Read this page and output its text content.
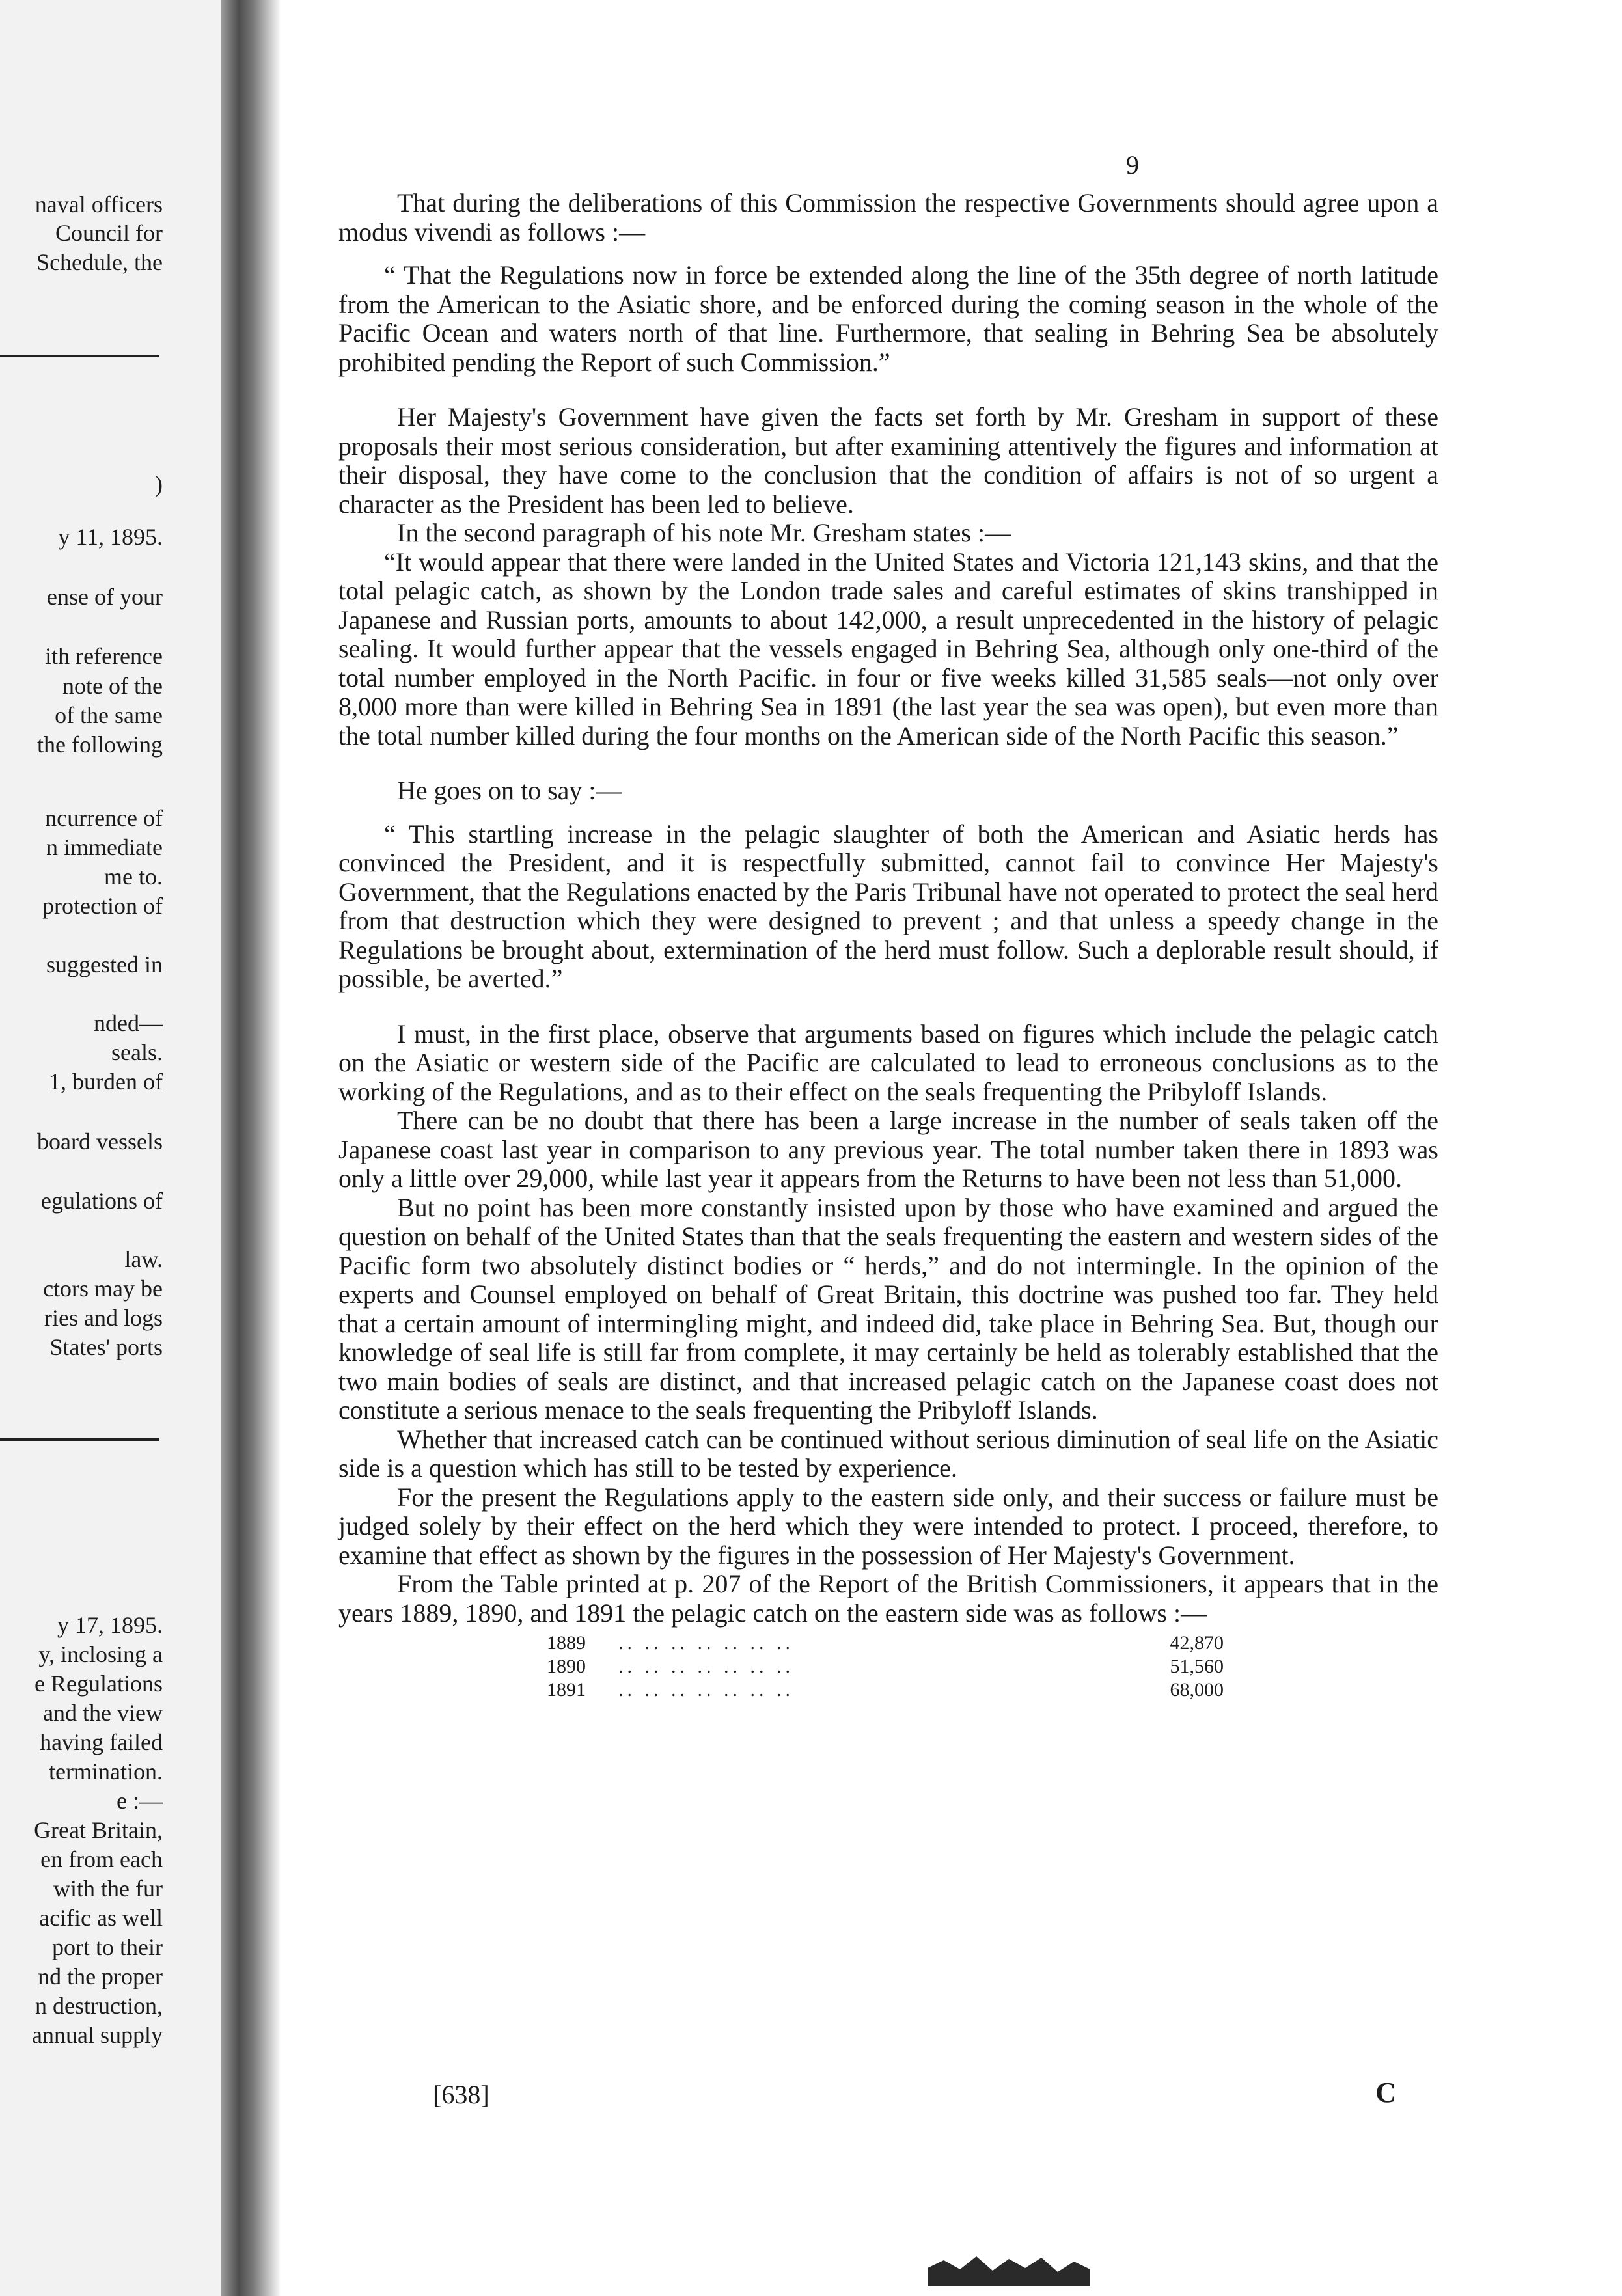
naval officers
Council for
Schedule, the
)
y 11, 1895.
ense of your
ith reference
note of the
of the same
the following
ncurrence of
n immediate
me to.
protection of
suggested in
nded—
seals.
1, burden of
board vessels
egulations of
law.
ctors may be
ries and logs
States' ports
y 17, 1895.
y, inclosing a
e Regulations
and the view
having failed
termination.
e :—
Great Britain,
en from each
with the fur
acific as well
port to their
nd the proper
n destruction,
annual supply
9

That during the deliberations of this Commission the respective Governments should agree upon a modus vivendi as follows :—

“ That the Regulations now in force be extended along the line of the 35th degree of north latitude from the American to the Asiatic shore, and be enforced during the coming season in the whole of the Pacific Ocean and waters north of that line. Furthermore, that sealing in Behring Sea be absolutely prohibited pending the Report of such Commission.”

Her Majesty's Government have given the facts set forth by Mr. Gresham in support of these proposals their most serious consideration, but after examining attentively the figures and information at their disposal, they have come to the conclusion that the condition of affairs is not of so urgent a character as the President has been led to believe.

In the second paragraph of his note Mr. Gresham states :—

“It would appear that there were landed in the United States and Victoria 121,143 skins, and that the total pelagic catch, as shown by the London trade sales and careful estimates of skins transhipped in Japanese and Russian ports, amounts to about 142,000, a result unprecedented in the history of pelagic sealing. It would further appear that the vessels engaged in Behring Sea, although only one-third of the total number employed in the North Pacific. in four or five weeks killed 31,585 seals—not only over 8,000 more than were killed in Behring Sea in 1891 (the last year the sea was open), but even more than the total number killed during the four months on the American side of the North Pacific this season.”

He goes on to say :—

“ This startling increase in the pelagic slaughter of both the American and Asiatic herds has convinced the President, and it is respectfully submitted, cannot fail to convince Her Majesty's Government, that the Regulations enacted by the Paris Tribunal have not operated to protect the seal herd from that destruction which they were designed to prevent ; and that unless a speedy change in the Regulations be brought about, extermination of the herd must follow. Such a deplorable result should, if possible, be averted.”

I must, in the first place, observe that arguments based on figures which include the pelagic catch on the Asiatic or western side of the Pacific are calculated to lead to erroneous conclusions as to the working of the Regulations, and as to their effect on the seals frequenting the Pribyloff Islands.

There can be no doubt that there has been a large increase in the number of seals taken off the Japanese coast last year in comparison to any previous year. The total number taken there in 1893 was only a little over 29,000, while last year it appears from the Returns to have been not less than 51,000.

But no point has been more constantly insisted upon by those who have examined and argued the question on behalf of the United States than that the seals frequenting the eastern and western sides of the Pacific form two absolutely distinct bodies or “ herds,” and do not intermingle. In the opinion of the experts and Counsel employed on behalf of Great Britain, this doctrine was pushed too far. They held that a certain amount of intermingling might, and indeed did, take place in Behring Sea. But, though our knowledge of seal life is still far from complete, it may certainly be held as tolerably established that the two main bodies of seals are distinct, and that increased pelagic catch on the Japanese coast does not constitute a serious menace to the seals frequenting the Pribyloff Islands.

Whether that increased catch can be continued without serious diminution of seal life on the Asiatic side is a question which has still to be tested by experience.

For the present the Regulations apply to the eastern side only, and their success or failure must be judged solely by their effect on the herd which they were intended to protect. I proceed, therefore, to examine that effect as shown by the figures in the possession of Her Majesty's Government.

From the Table printed at p. 207 of the Report of the British Commissioners, it appears that in the years 1889, 1890, and 1891 the pelagic catch on the eastern side was as follows :—

1889	.. .. .. .. .. .. ..	42,870
1890	.. .. .. .. .. .. ..	51,560
1891	.. .. .. .. .. .. ..	68,000
[638]	C
